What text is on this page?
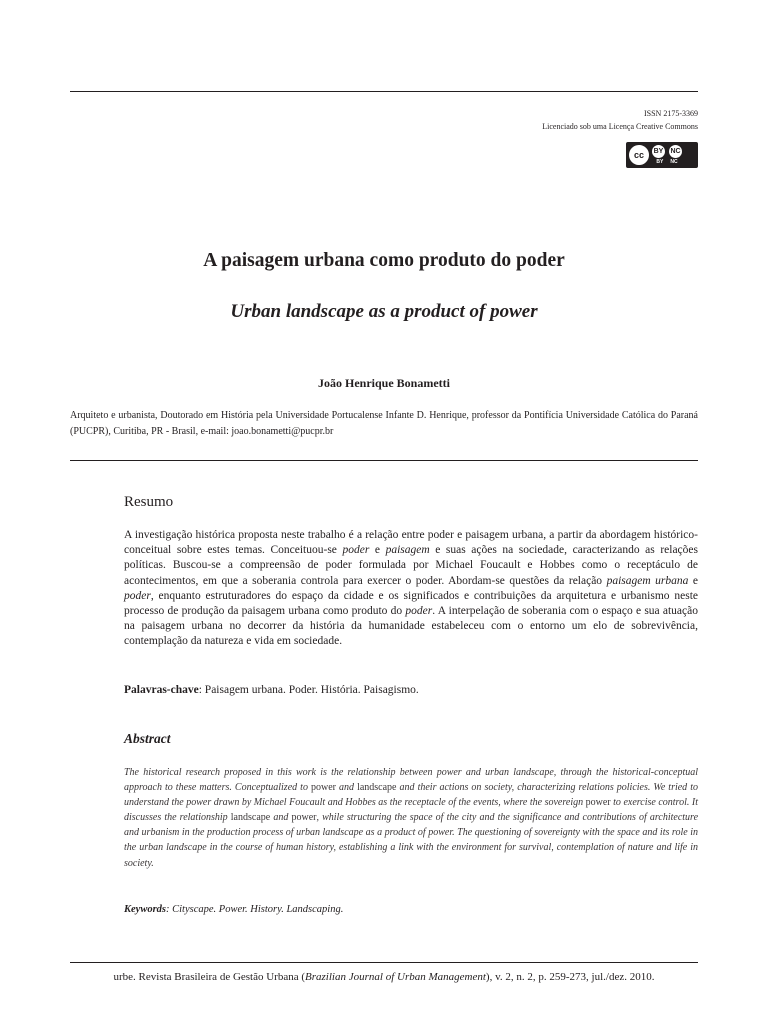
ISSN 2175-3369
Licenciado sob uma Licença Creative Commons
cc	BY NC
BY NC
A paisagem urbana como produto do poder
Urban landscape as a product of power
João Henrique Bonametti

Arquiteto e urbanista, Doutorado em História pela Universidade Portucalense Infante D. Henrique, professor da Pontifícia Universidade Católica do Paraná (PUCPR), Curitiba, PR - Brasil, e-mail: joao.bonametti@pucpr.br

Resumo

A investigação histórica proposta neste trabalho é a relação entre poder e paisagem urbana, a partir da abordagem histórico-conceitual sobre estes temas. Conceituou-se poder e paisagem e suas ações na sociedade, caracterizando as relações políticas. Buscou-se a compreensão de poder formulada por Michael Foucault e Hobbes como o receptáculo de acontecimentos, em que a soberania controla para exercer o poder. Abordam-se questões da relação paisagem urbana e poder, enquanto estruturadores do espaço da cidade e os significados e contribuições da arquitetura e urbanismo neste processo de produção da paisagem urbana como produto do poder. A interpelação de soberania com o espaço e sua atuação na paisagem urbana no decorrer da história da humanidade estabeleceu com o entorno um elo de sobrevivência, contemplação da natureza e vida em sociedade.

Palavras-chave: Paisagem urbana. Poder. História. Paisagismo.

Abstract

The historical research proposed in this work is the relationship between power and urban landscape, through the historical-conceptual approach to these matters. Conceptualized to power and landscape and their actions on society, characterizing relations policies. We tried to understand the power drawn by Michael Foucault and Hobbes as the receptacle of the events, where the sovereign power to exercise control. It discusses the relationship landscape and power, while structuring the space of the city and the significance and contributions of architecture and urbanism in the production process of urban landscape as a product of power. The questioning of sovereignty with the space and its role in the urban landscape in the course of human history, establishing a link with the environment for survival, contemplation of nature and life in society.

Keywords: Cityscape. Power. History. Landscaping.

urbe. Revista Brasileira de Gestão Urbana (Brazilian Journal of Urban Management), v. 2, n. 2, p. 259-273, jul./dez. 2010.
